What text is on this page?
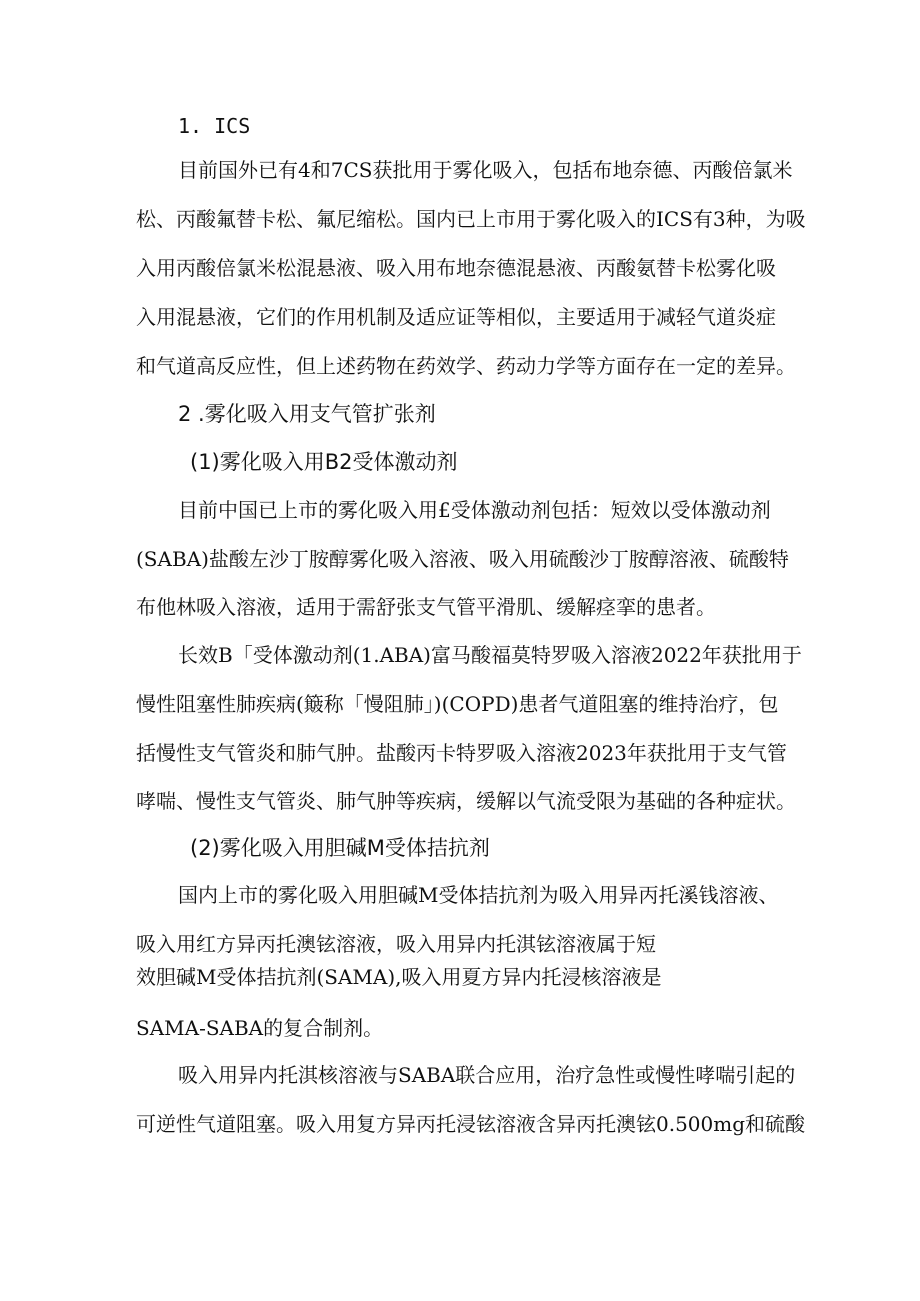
1. ICS
目前国外已有4和7CS获批用于雾化吸入，包括布地奈德、丙酸倍氯米
松、丙酸氟替卡松、氟尼缩松。国内已上市用于雾化吸入的ICS有3种，为吸
入用丙酸倍氯米松混悬液、吸入用布地奈德混悬液、丙酸氨替卡松雾化吸
入用混悬液，它们的作用机制及适应证等相似，主要适用于减轻气道炎症
和气道高反应性，但上述药物在药效学、药动力学等方面存在一定的差异。
2 .雾化吸入用支气管扩张剂
(1)雾化吸入用B2受体激动剂
目前中国已上市的雾化吸入用£受体激动剂包括：短效以受体激动剂
(SABA)盐酸左沙丁胺醇雾化吸入溶液、吸入用硫酸沙丁胺醇溶液、硫酸特
布他林吸入溶液，适用于需舒张支气管平滑肌、缓解痉挛的患者。
长效B「受体激动剂(1.ABA)富马酸福莫特罗吸入溶液2022年获批用于
慢性阻塞性肺疾病(簸称「慢阻肺」)(COPD)患者气道阻塞的维持治疗，包
括慢性支气管炎和肺气肿。盐酸丙卡特罗吸入溶液2023年获批用于支气管
哮喘、慢性支气管炎、肺气肿等疾病，缓解以气流受限为基础的各种症状。
(2)雾化吸入用胆碱M受体拮抗剂
国内上市的雾化吸入用胆碱M受体拮抗剂为吸入用异丙托溪钱溶液、
吸入用红方异丙托澳铉溶液，吸入用异内托淇铉溶液属于短
效胆碱M受体拮抗剂(SAMA),吸入用夏方异内托浸核溶液是
SAMA-SABA的复合制剂。
吸入用异内托淇核溶液与SABA联合应用，治疗急性或慢性哮喘引起的
可逆性气道阻塞。吸入用复方异丙托浸铉溶液含异丙托澳铉0.500mg和硫酸
